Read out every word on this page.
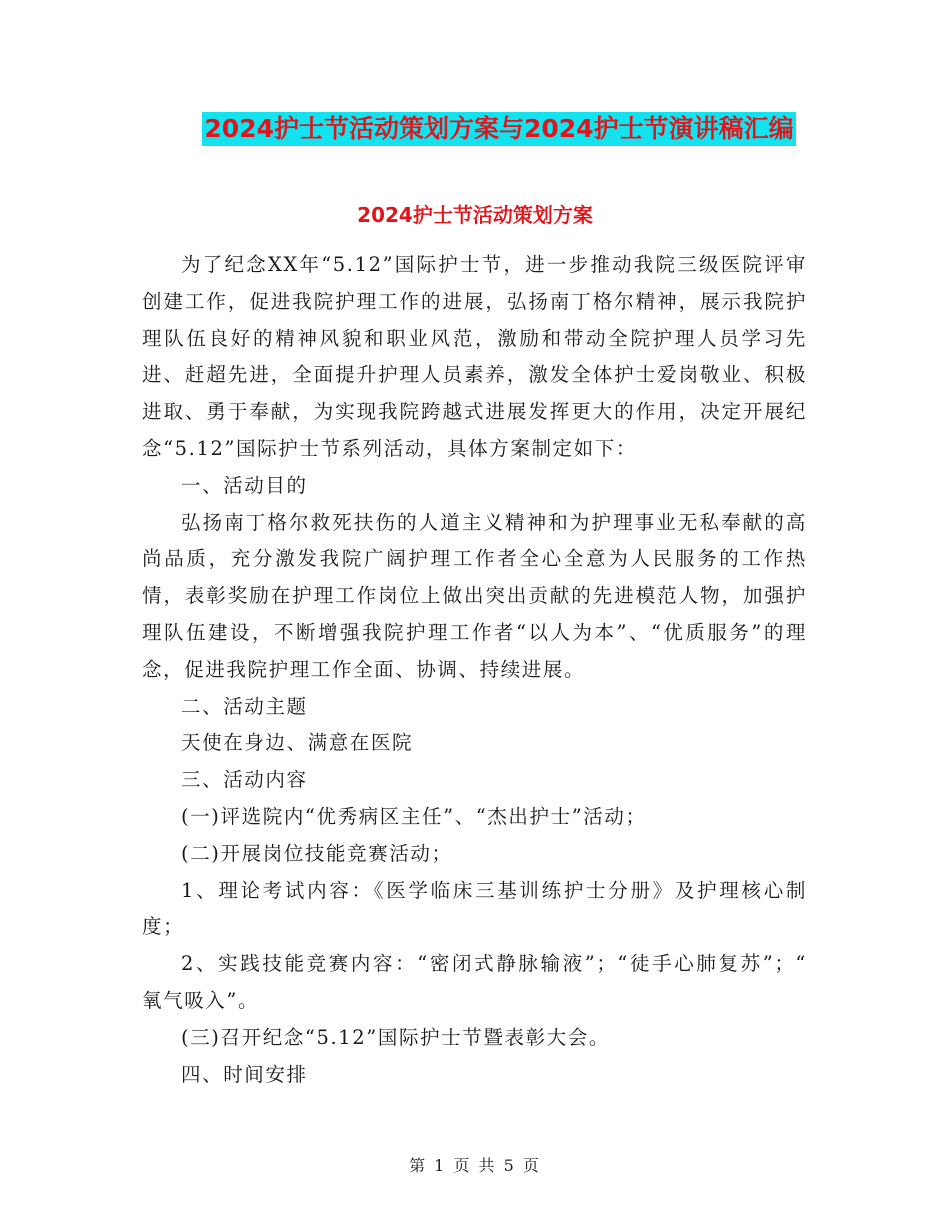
2024护士节活动策划方案与2024护士节演讲稿汇编
2024护士节活动策划方案

为了纪念XX年“5.12”国际护士节，进一步推动我院三级医院评审创建工作，促进我院护理工作的进展，弘扬南丁格尔精神，展示我院护理队伍良好的精神风貌和职业风范，激励和带动全院护理人员学习先进、赶超先进，全面提升护理人员素养，激发全体护士爱岗敬业、积极进取、勇于奉献，为实现我院跨越式进展发挥更大的作用，决定开展纪念“5.12”国际护士节系列活动，具体方案制定如下：

一、活动目的

弘扬南丁格尔救死扶伤的人道主义精神和为护理事业无私奉献的高尚品质，充分激发我院广阔护理工作者全心全意为人民服务的工作热情，表彰奖励在护理工作岗位上做出突出贡献的先进模范人物，加强护理队伍建设，不断增强我院护理工作者“以人为本”、“优质服务”的理念，促进我院护理工作全面、协调、持续进展。

二、活动主题

天使在身边、满意在医院

三、活动内容

(一)评选院内“优秀病区主任”、“杰出护士”活动；

(二)开展岗位技能竞赛活动；

1、理论考试内容：《医学临床三基训练护士分册》及护理核心制度；

2、实践技能竞赛内容：“密闭式静脉输液”；“徒手心肺复苏”；“ 氧气吸入”。

(三)召开纪念“5.12”国际护士节暨表彰大会。

四、时间安排

第 1 页 共 5 页
